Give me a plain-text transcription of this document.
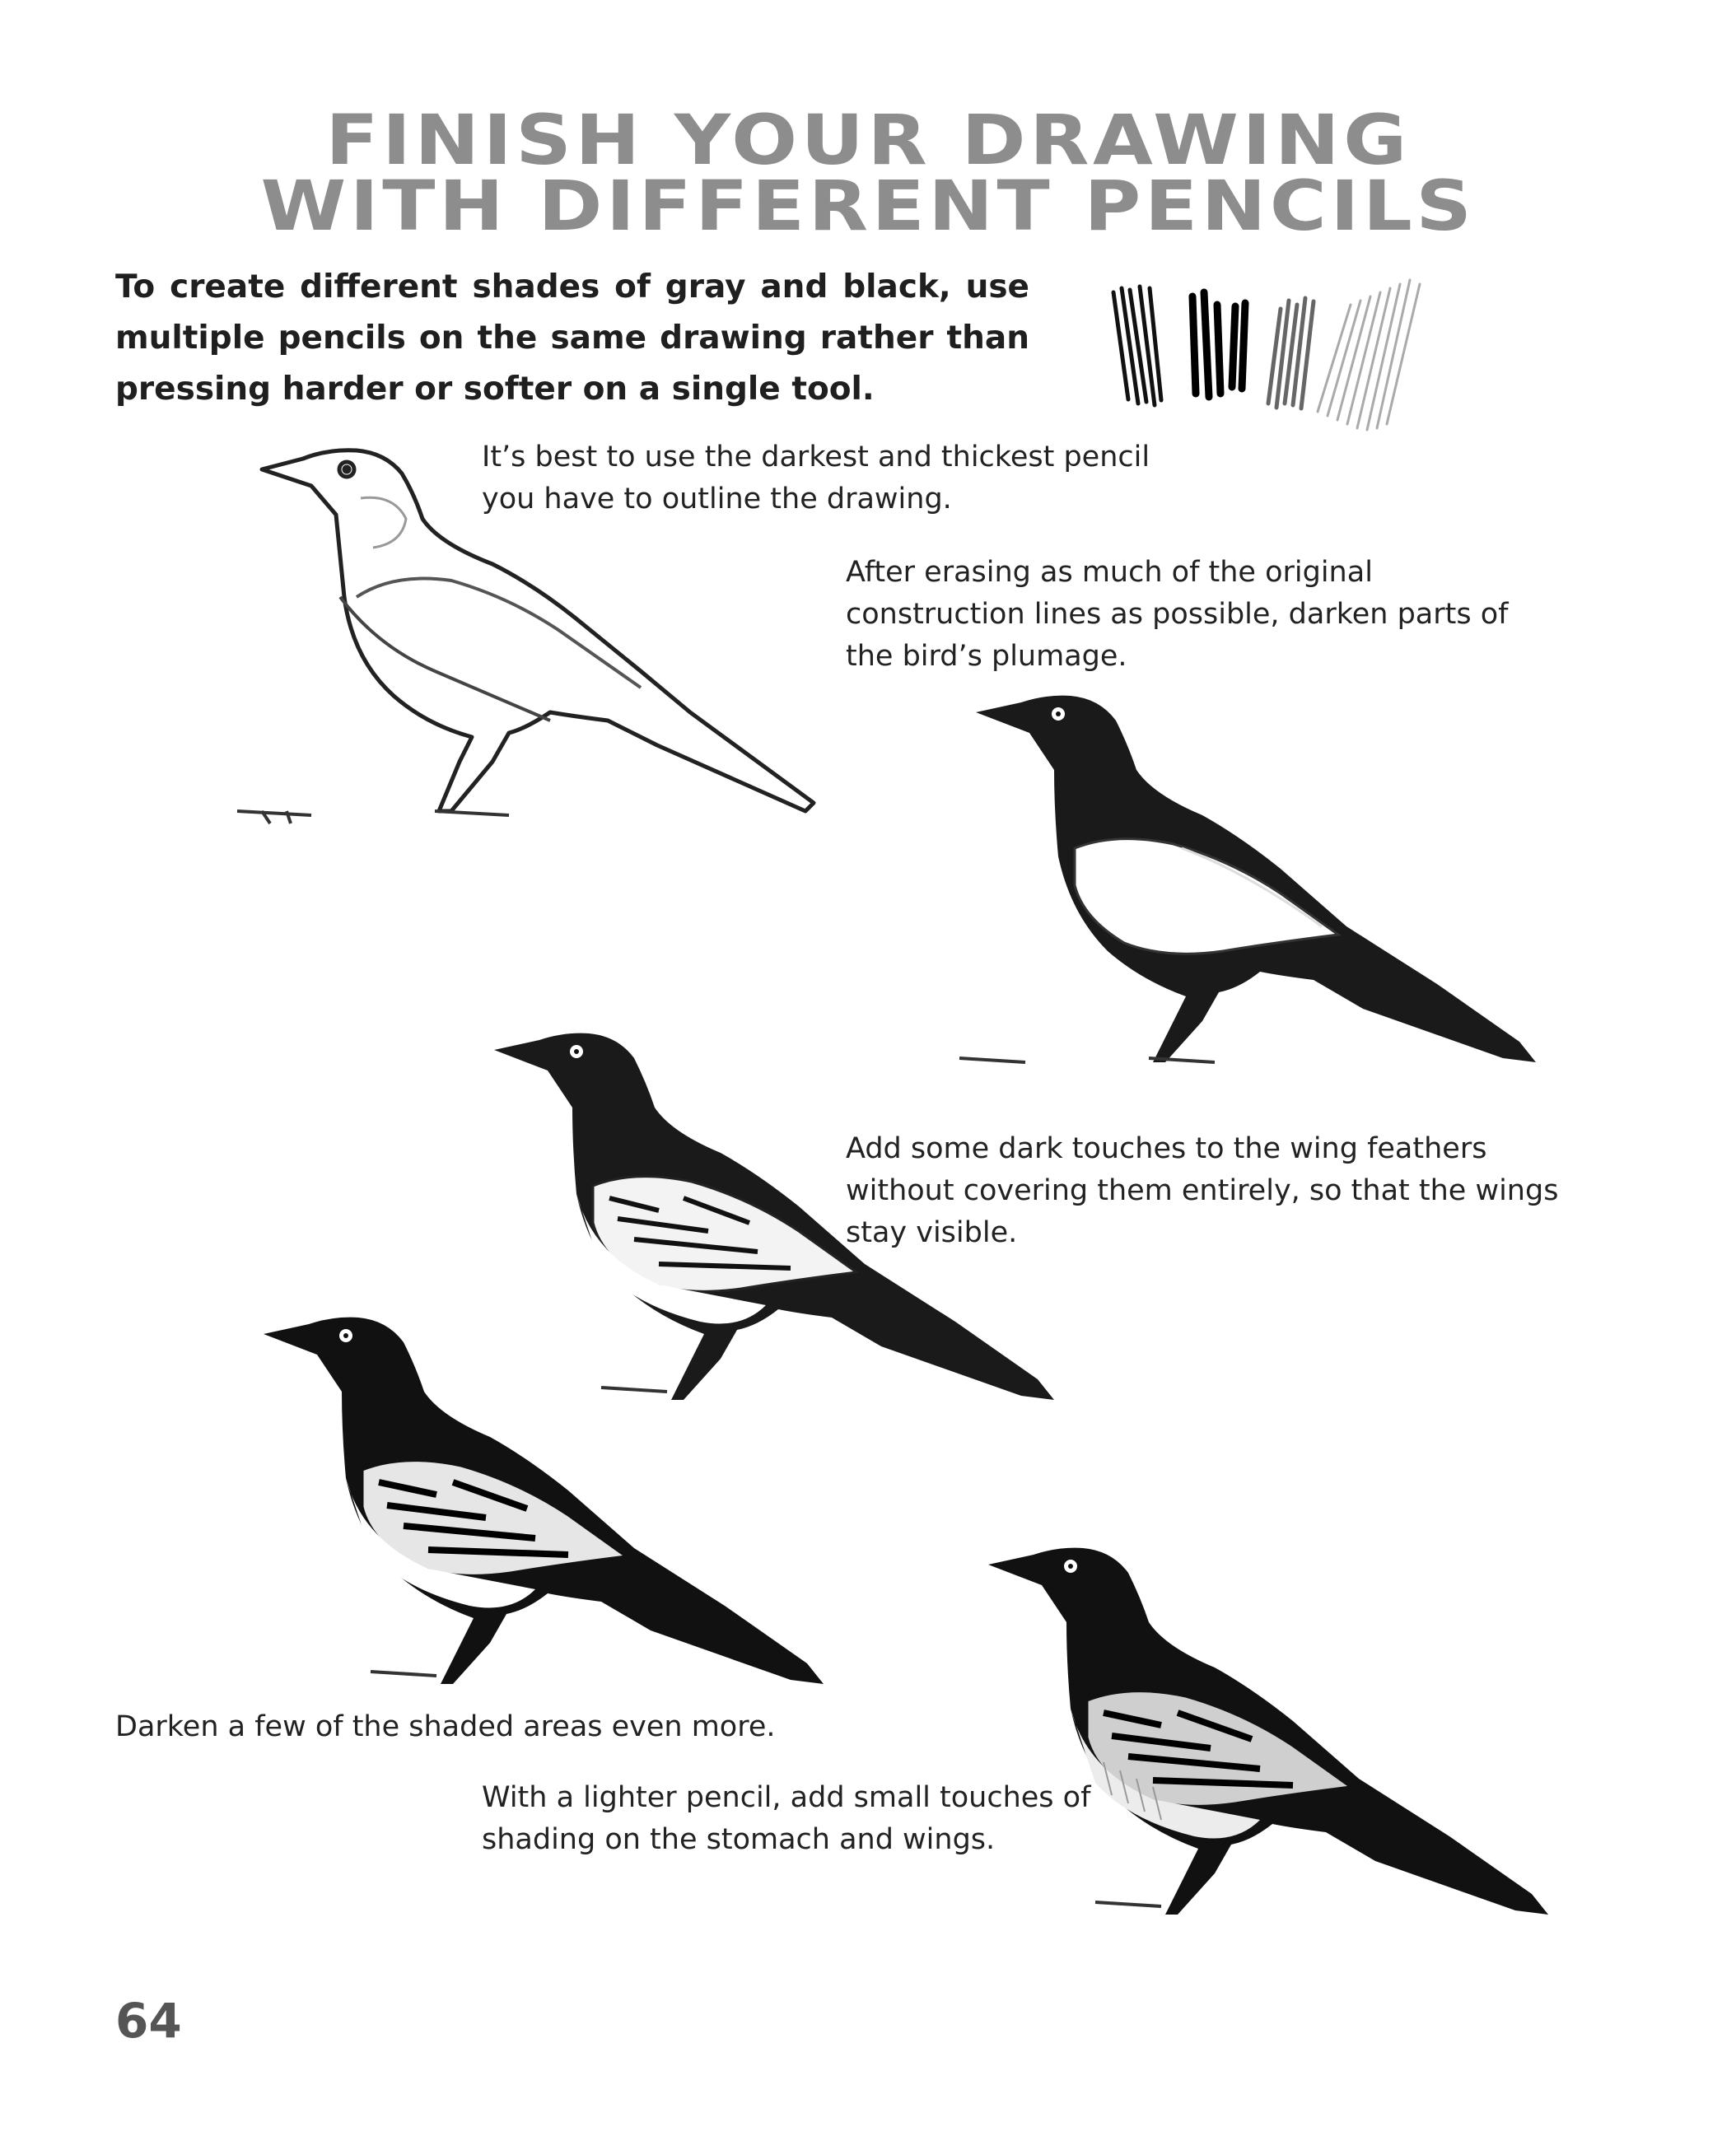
FINISH YOUR DRAWING
WITH DIFFERENT PENCILS

To create different shades of gray and black, use multiple pencils on the same drawing rather than pressing harder or softer on a single tool.

It’s best to use the darkest and thickest pencil you have to outline the drawing.

After erasing as much of the original construction lines as possible, darken parts of the bird’s plumage.

Add some dark touches to the wing feathers without covering them entirely, so that the wings stay visible.

Darken a few of the shaded areas even more.

With a lighter pencil, add small touches of shading on the stomach and wings.

64
